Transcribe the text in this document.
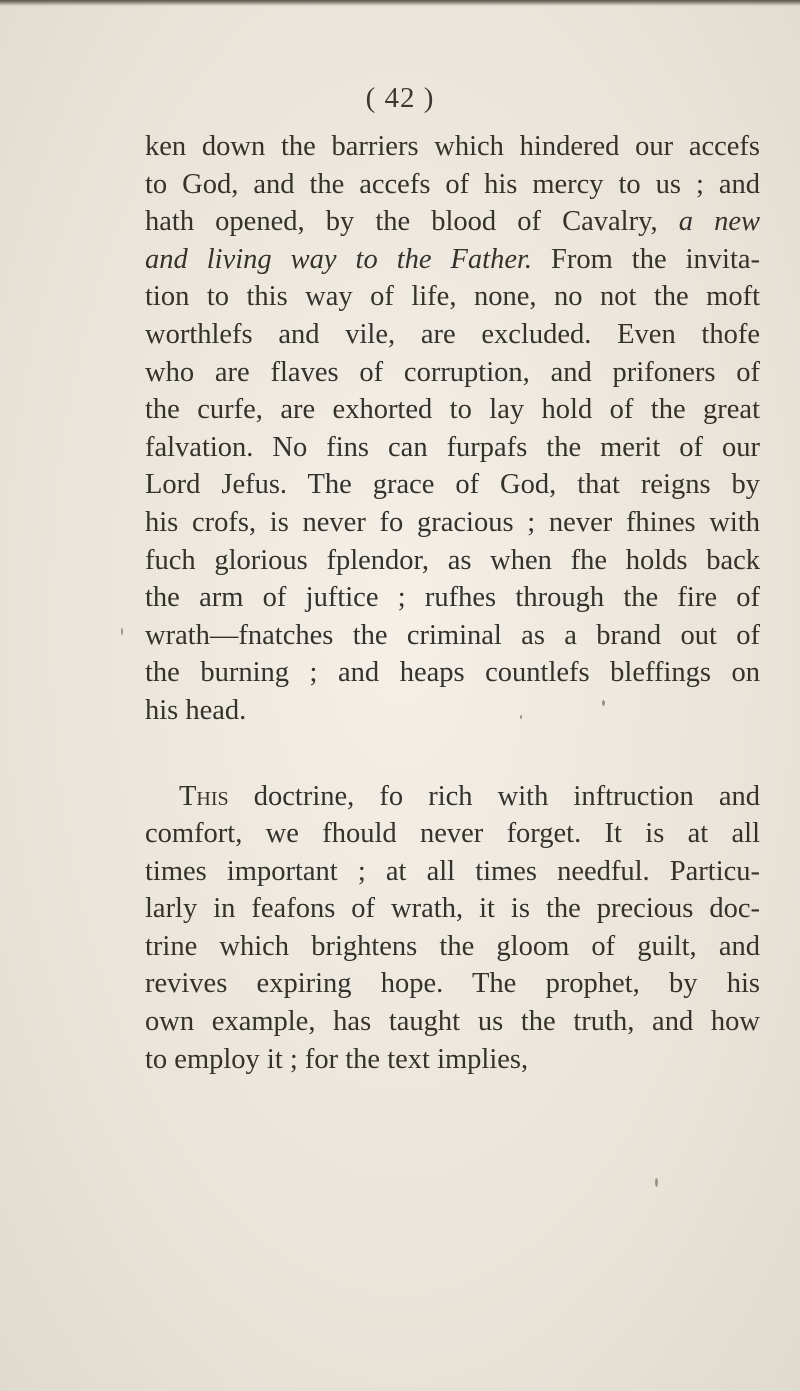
( 42 )
ken down the barriers which hindered our accefs
to God, and the accefs of his mercy to us ; and
hath opened, by the blood of Cavalry, a new
and living way to the Father. From the invita-
tion to this way of life, none, no not the moft
worthlefs and vile, are excluded. Even thofe
who are flaves of corruption, and prifoners of
the curfe, are exhorted to lay hold of the great
falvation. No fins can furpafs the merit of our
Lord Jefus. The grace of God, that reigns by
his crofs, is never fo gracious ; never fhines with
fuch glorious fplendor, as when fhe holds back
the arm of juftice ; rufhes through the fire of
wrath—fnatches the criminal as a brand out of
the burning ; and heaps countlefs bleffings on
his head.
This doctrine, fo rich with inftruction and
comfort, we fhould never forget. It is at all
times important ; at all times needful. Particu-
larly in feafons of wrath, it is the precious doc-
trine which brightens the gloom of guilt, and
revives expiring hope. The prophet, by his
own example, has taught us the truth, and how
to employ it ; for the text implies,
